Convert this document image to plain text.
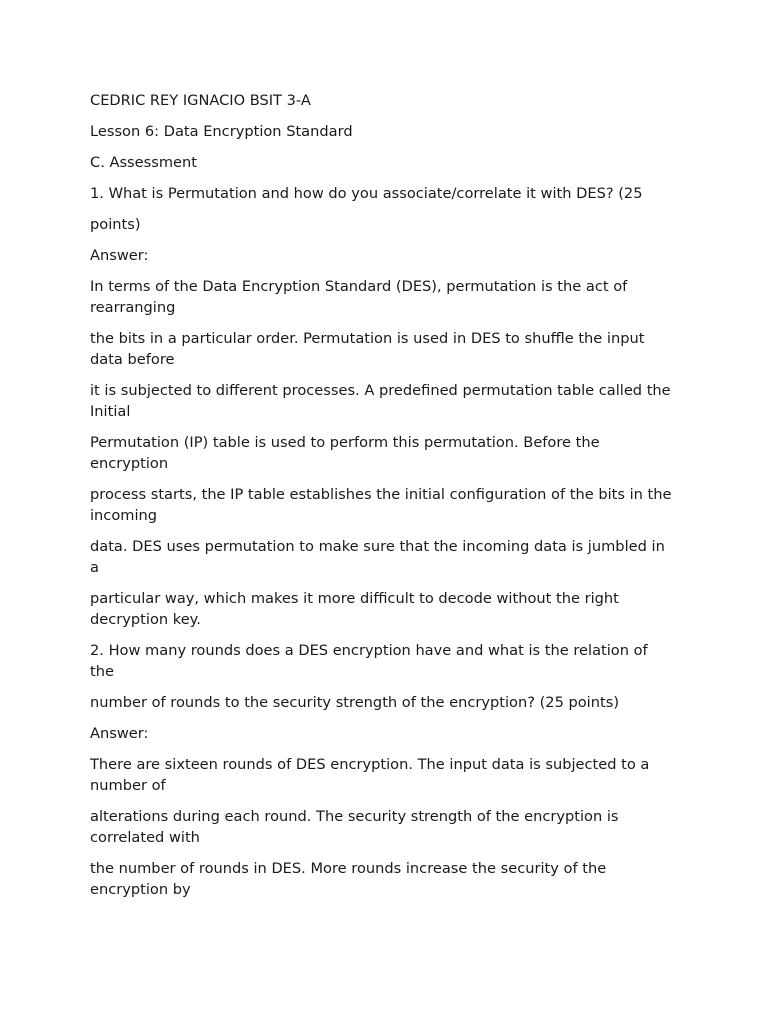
CEDRIC REY IGNACIO BSIT 3-A

Lesson 6: Data Encryption Standard

C. Assessment

1. What is Permutation and how do you associate/correlate it with DES? (25

points)

Answer:

In terms of the Data Encryption Standard (DES), permutation is the act of rearranging

the bits in a particular order. Permutation is used in DES to shuffle the input data before

it is subjected to different processes. A predefined permutation table called the Initial

Permutation (IP) table is used to perform this permutation. Before the encryption

process starts, the IP table establishes the initial configuration of the bits in the incoming

data. DES uses permutation to make sure that the incoming data is jumbled in a

particular way, which makes it more difficult to decode without the right decryption key.

2. How many rounds does a DES encryption have and what is the relation of the

number of rounds to the security strength of the encryption? (25 points)

Answer:

There are sixteen rounds of DES encryption. The input data is subjected to a number of

alterations during each round. The security strength of the encryption is correlated with

the number of rounds in DES. More rounds increase the security of the encryption by
